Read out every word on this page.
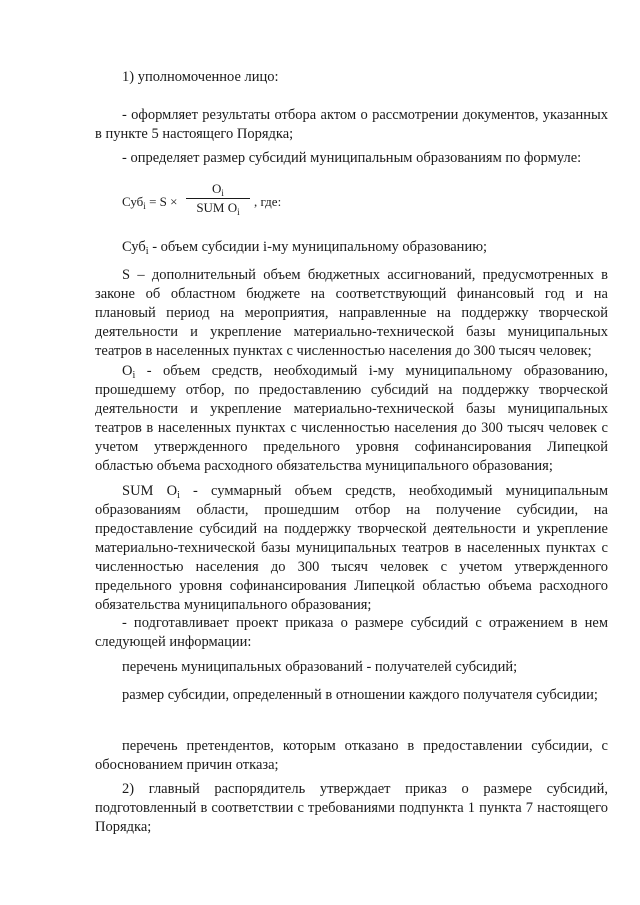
1) уполномоченное лицо:

- оформляет результаты отбора актом о рассмотрении документов, указанных в пункте 5 настоящего Порядка;

- определяет размер субсидий муниципальным образованиям по формуле:

Суб$_i$ = S ×
$O_i$
SUM $O_i$
, где:

Суб$_i$ - объем субсидии i-му муниципальному образованию;

S – дополнительный объем бюджетных ассигнований, предусмотренных в законе об областном бюджете на соответствующий финансовый год и на плановый период на мероприятия, направленные на поддержку творческой деятельности и укрепление материально-технической базы муниципальных театров в населенных пунктах с численностью населения до 300 тысяч человек;

$O_i$ - объем средств, необходимый i-му муниципальному образованию, прошедшему отбор, по предоставлению субсидий на поддержку творческой деятельности и укрепление материально-технической базы муниципальных театров в населенных пунктах с численностью населения до 300 тысяч человек с учетом утвержденного предельного уровня софинансирования Липецкой областью объема расходного обязательства муниципального образования;

SUM $O_i$ - суммарный объем средств, необходимый муниципальным образованиям области, прошедшим отбор на получение субсидии, на предоставление субсидий на поддержку творческой деятельности и укрепление материально-технической базы муниципальных театров в населенных пунктах с численностью населения до 300 тысяч человек с учетом утвержденного предельного уровня софинансирования Липецкой областью объема расходного обязательства муниципального образования;

- подготавливает проект приказа о размере субсидий с отражением в нем следующей информации:

перечень муниципальных образований - получателей субсидий;

размер субсидии, определенный в отношении каждого получателя субсидии;

перечень претендентов, которым отказано в предоставлении субсидии, с обоснованием причин отказа;

2) главный распорядитель утверждает приказ о размере субсидий, подготовленный в соответствии с требованиями подпункта 1 пункта 7 настоящего Порядка;
